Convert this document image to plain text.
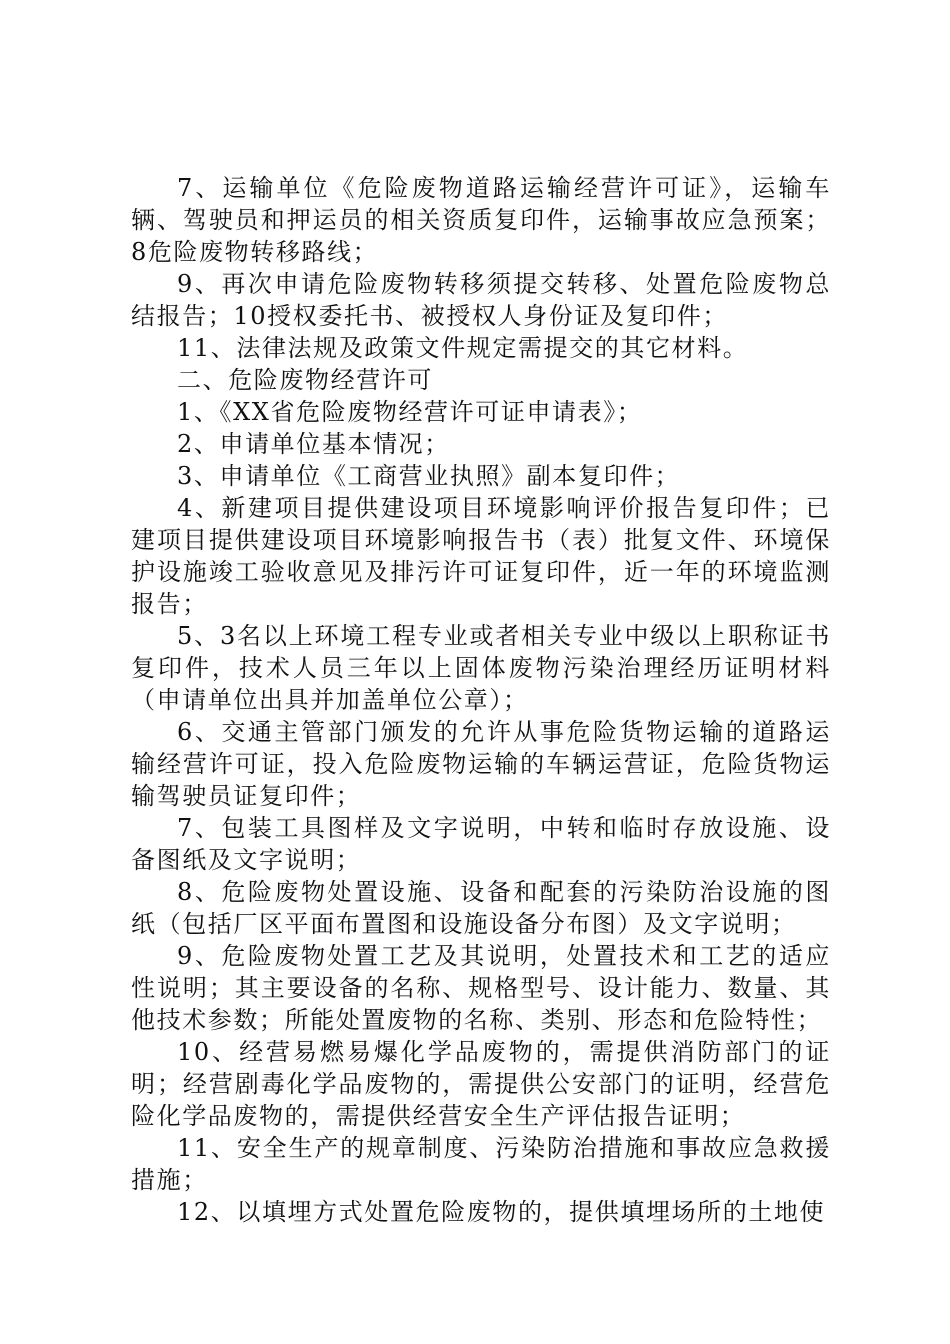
7、运输单位《危险废物道路运输经营许可证》，运输车辆、驾驶员和押运员的相关资质复印件，运输事故应急预案；8危险废物转移路线；

9、再次申请危险废物转移须提交转移、处置危险废物总结报告；10授权委托书、被授权人身份证及复印件；

11、法律法规及政策文件规定需提交的其它材料。

二、危险废物经营许可

1、《XX省危险废物经营许可证申请表》；

2、申请单位基本情况；

3、申请单位《工商营业执照》副本复印件；

4、新建项目提供建设项目环境影响评价报告复印件；已建项目提供建设项目环境影响报告书（表）批复文件、环境保护设施竣工验收意见及排污许可证复印件，近一年的环境监测报告；

5、3名以上环境工程专业或者相关专业中级以上职称证书复印件，技术人员三年以上固体废物污染治理经历证明材料（申请单位出具并加盖单位公章）；

6、交通主管部门颁发的允许从事危险货物运输的道路运输经营许可证，投入危险废物运输的车辆运营证，危险货物运输驾驶员证复印件；

7、包装工具图样及文字说明，中转和临时存放设施、设备图纸及文字说明；

8、危险废物处置设施、设备和配套的污染防治设施的图纸（包括厂区平面布置图和设施设备分布图）及文字说明；

9、危险废物处置工艺及其说明，处置技术和工艺的适应性说明；其主要设备的名称、规格型号、设计能力、数量、其他技术参数；所能处置废物的名称、类别、形态和危险特性；

10、经营易燃易爆化学品废物的，需提供消防部门的证明；经营剧毒化学品废物的，需提供公安部门的证明，经营危险化学品废物的，需提供经营安全生产评估报告证明；

11、安全生产的规章制度、污染防治措施和事故应急救援措施；

12、以填埋方式处置危险废物的，提供填埋场所的土地使
